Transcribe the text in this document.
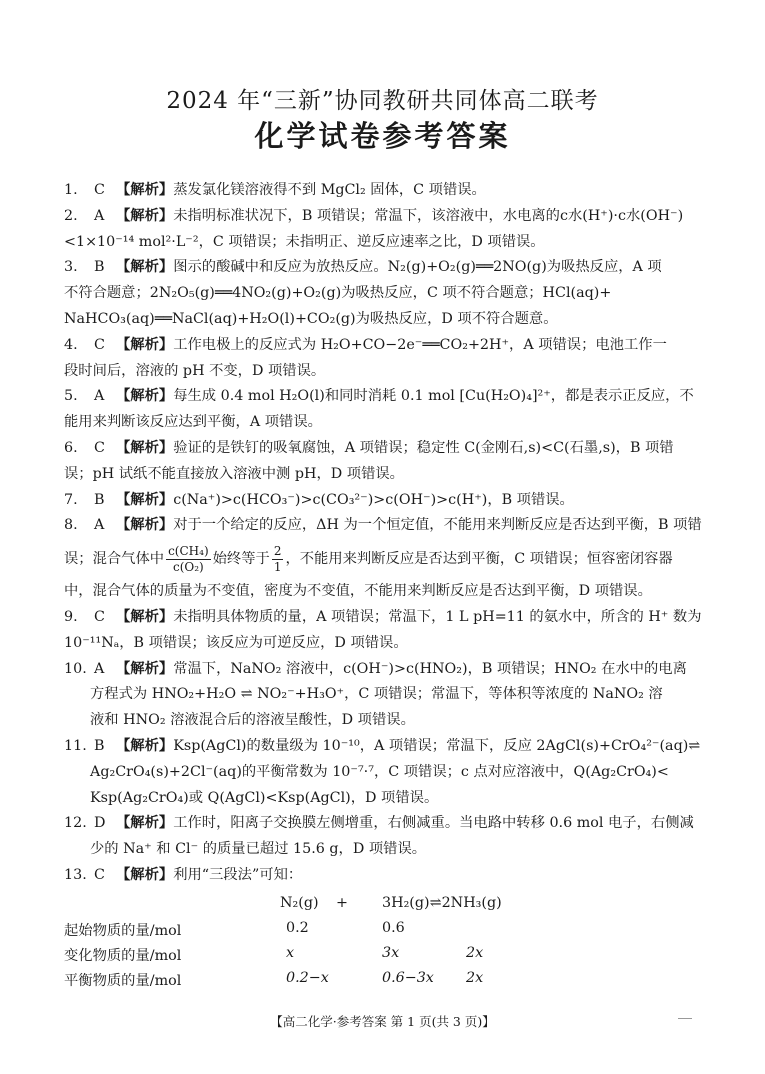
2024 年“三新”协同教研共同体高二联考
化学试卷参考答案
1. C 【解析】蒸发氯化镁溶液得不到 MgCl₂ 固体，C 项错误。
2. A 【解析】未指明标准状况下，B 项错误；常温下，该溶液中，水电离的c水(H⁺)·c水(OH⁻)
<1×10⁻¹⁴ mol²·L⁻²，C 项错误；未指明正、逆反应速率之比，D 项错误。
3. B 【解析】图示的酸碱中和反应为放热反应。N₂(g)+O₂(g)══2NO(g)为吸热反应，A 项
不符合题意；2N₂O₅(g)══4NO₂(g)+O₂(g)为吸热反应，C 项不符合题意；HCl(aq)+
NaHCO₃(aq)══NaCl(aq)+H₂O(l)+CO₂(g)为吸热反应，D 项不符合题意。
4. C 【解析】工作电极上的反应式为 H₂O+CO−2e⁻══CO₂+2H⁺，A 项错误；电池工作一
段时间后，溶液的 pH 不变，D 项错误。
5. A 【解析】每生成 0.4 mol H₂O(l)和同时消耗 0.1 mol [Cu(H₂O)₄]²⁺，都是表示正反应，不
能用来判断该反应达到平衡，A 项错误。
6. C 【解析】验证的是铁钉的吸氧腐蚀，A 项错误；稳定性 C(金刚石,s)<C(石墨,s)，B 项错
误；pH 试纸不能直接放入溶液中测 pH，D 项错误。
7. B 【解析】c(Na⁺)>c(HCO₃⁻)>c(CO₃²⁻)>c(OH⁻)>c(H⁺)，B 项错误。
8. A 【解析】对于一个给定的反应，ΔH 为一个恒定值，不能用来判断反应是否达到平衡，B 项错
误；混合气体中 $\frac{\text{c(CH₄)}}{\text{c(O₂)}}$ 始终等于 $\frac{2}{1}$ ，不能用来判断反应是否达到平衡，C 项错误；恒容密闭容器
中，混合气体的质量为不变值，密度为不变值，不能用来判断反应是否达到平衡，D 项错误。
9. C 【解析】未指明具体物质的量，A 项错误；常温下，1 L pH=11 的氨水中，所含的 H⁺ 数为
10⁻¹¹Nₐ，B 项错误；该反应为可逆反应，D 项错误。
10. A 【解析】常温下，NaNO₂ 溶液中，c(OH⁻)>c(HNO₂)，B 项错误；HNO₂ 在水中的电离
方程式为 HNO₂+H₂O ⇌ NO₂⁻+H₃O⁺，C 项错误；常温下，等体积等浓度的 NaNO₂ 溶
液和 HNO₂ 溶液混合后的溶液呈酸性，D 项错误。
11. B 【解析】Ksp(AgCl)的数量级为 10⁻¹⁰，A 项错误；常温下，反应 2AgCl(s)+CrO₄²⁻(aq)⇌
Ag₂CrO₄(s)+2Cl⁻(aq)的平衡常数为 10⁻⁷·⁷，C 项错误；c 点对应溶液中，Q(Ag₂CrO₄)<
Ksp(Ag₂CrO₄)或 Q(AgCl)<Ksp(AgCl)，D 项错误。
12. D 【解析】工作时，阳离子交换膜左侧增重，右侧减重。当电路中转移 0.6 mol 电子，右侧减
少的 Na⁺ 和 Cl⁻ 的质量已超过 15.6 g，D 项错误。
13. C 【解析】利用“三段法”可知：
N₂(g) + 3H₂(g)⇌2NH₃(g)
起始物质的量/mol	0.2	0.6
变化物质的量/mol	x	3x	2x
平衡物质的量/mol	0.2−x	0.6−3x 2x
【高二化学·参考答案 第 1 页(共 3 页)】
